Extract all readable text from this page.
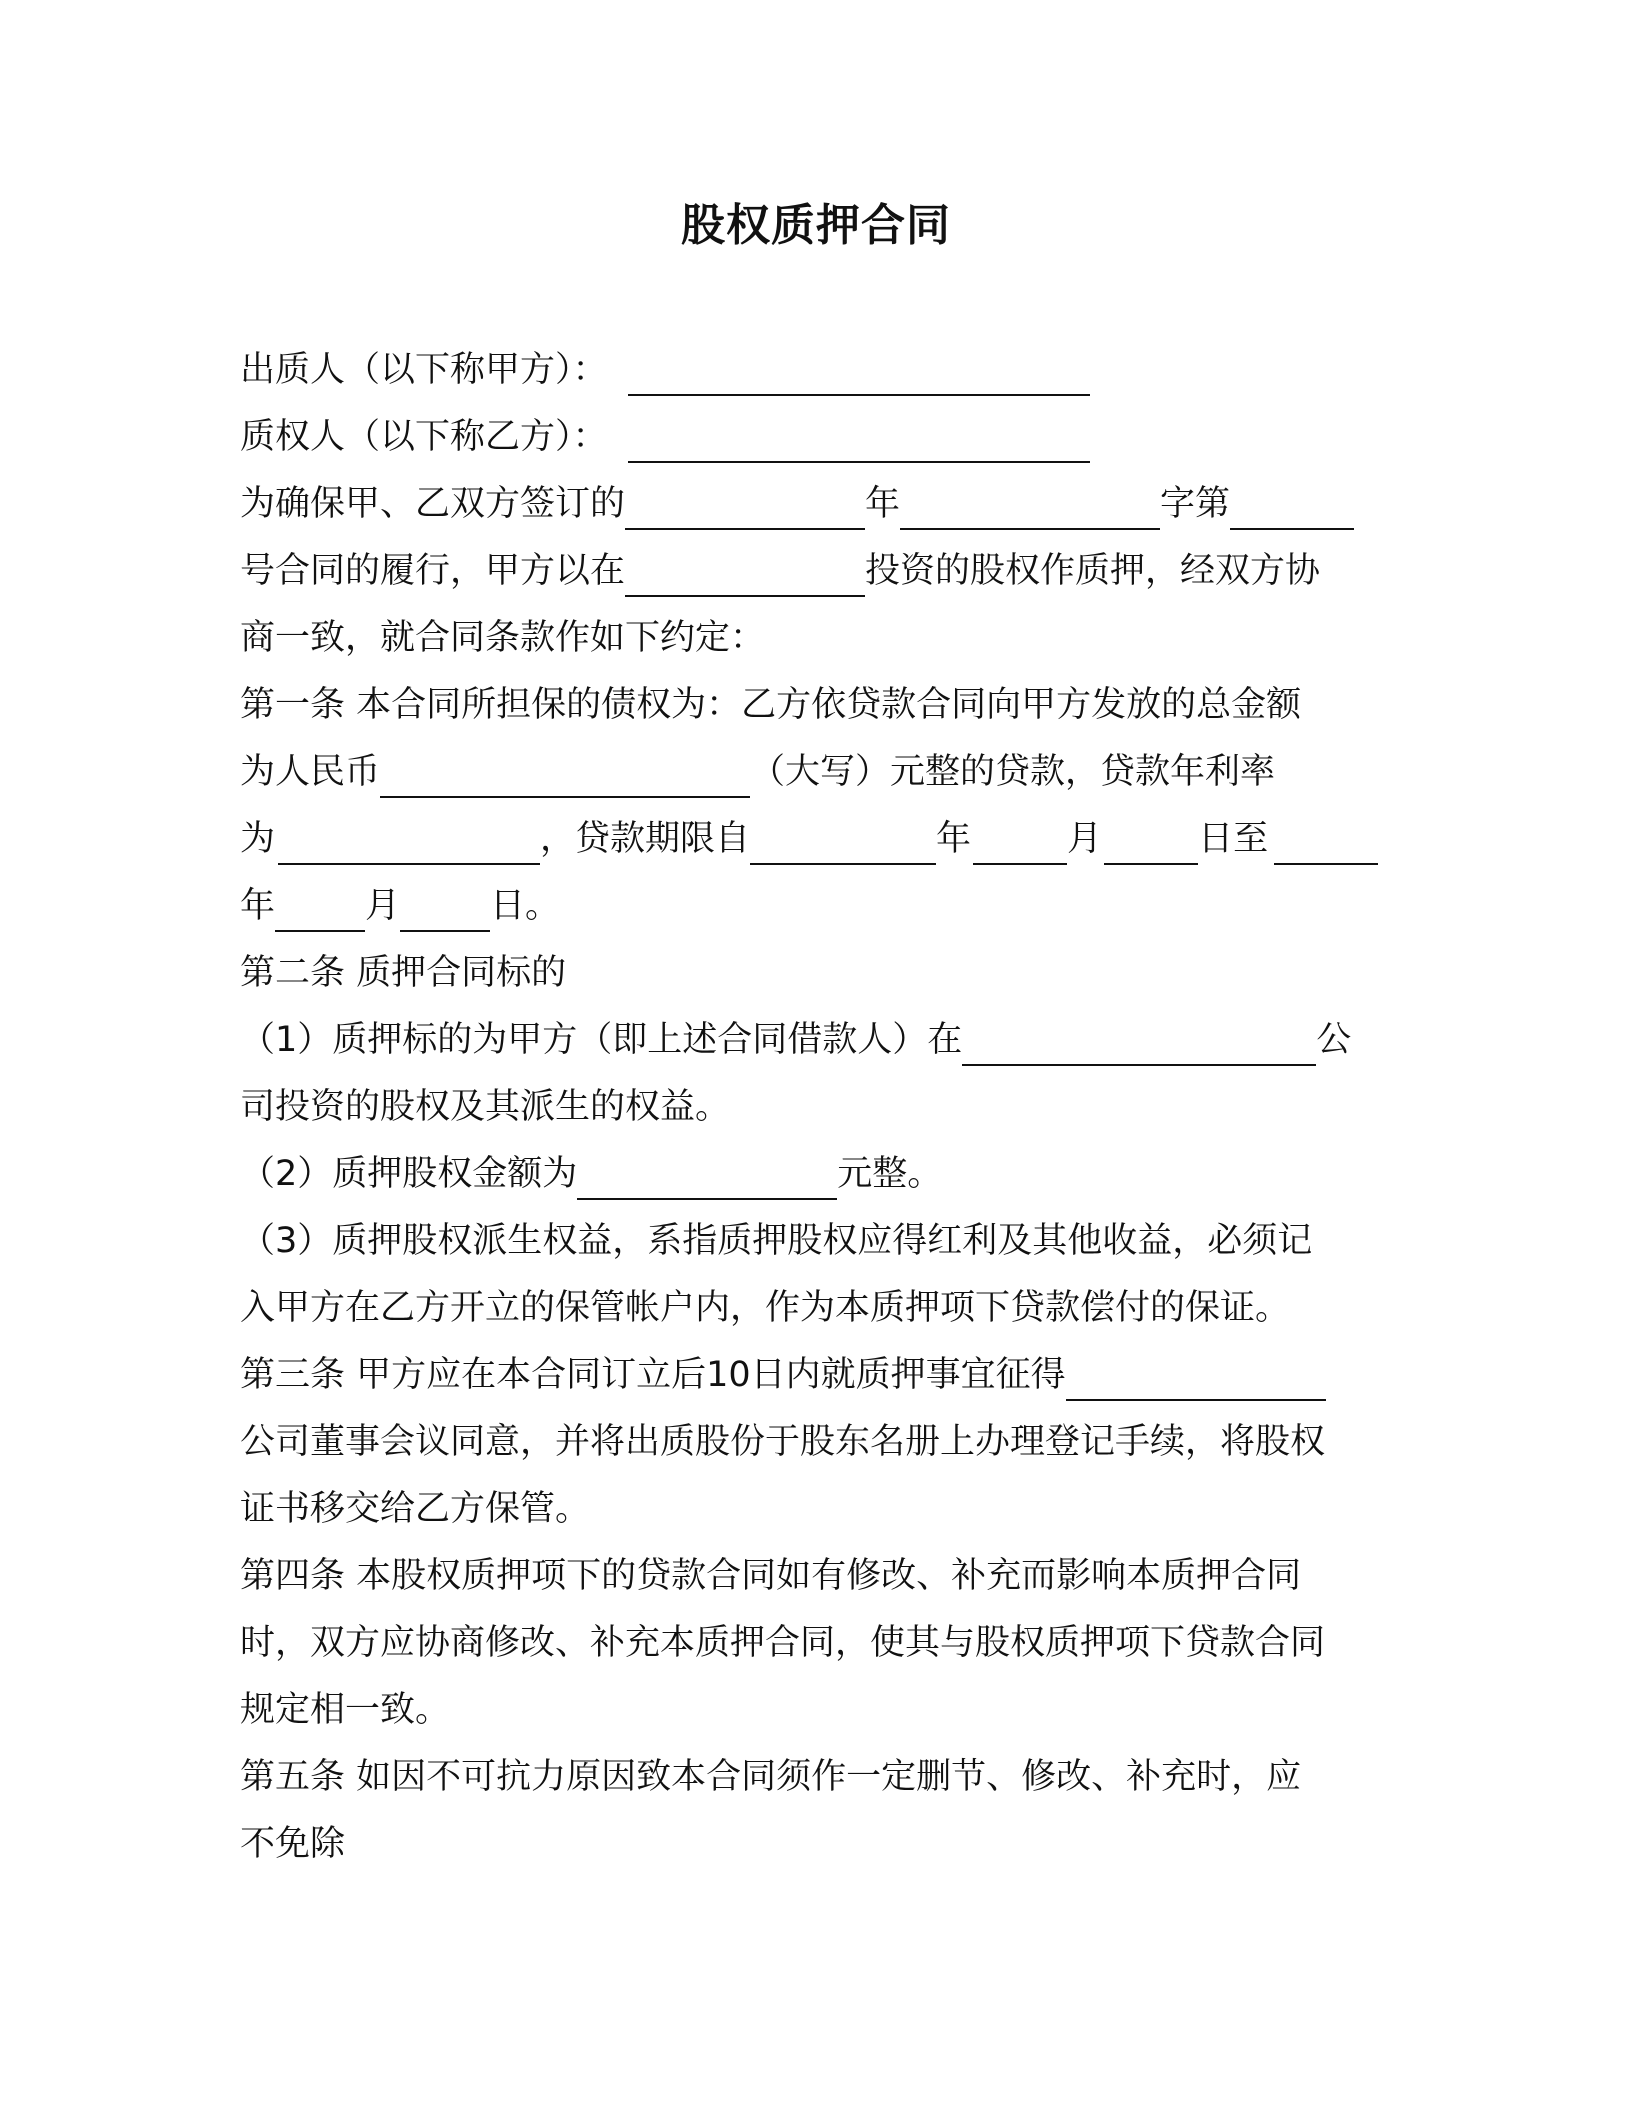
股权质押合同
出质人（以下称甲方）：
质权人（以下称乙方）：
为确保甲、乙双方签订的	年	字第
号合同的履行，甲方以在	投资的股权作质押，经双方协
商一致，就合同条款作如下约定：
第一条 本合同所担保的债权为：乙方依贷款合同向甲方发放的总金额
为人民币	（大写）元整的贷款，贷款年利率
为	，贷款期限自	年	月	日至
年	月	日。
第二条 质押合同标的
（1）质押标的为甲方（即上述合同借款人）在	公
司投资的股权及其派生的权益。
（2）质押股权金额为	元整。
（3）质押股权派生权益，系指质押股权应得红利及其他收益，必须记
入甲方在乙方开立的保管帐户内，作为本质押项下贷款偿付的保证。
第三条 甲方应在本合同订立后10日内就质押事宜征得
公司董事会议同意，并将出质股份于股东名册上办理登记手续，将股权
证书移交给乙方保管。
第四条 本股权质押项下的贷款合同如有修改、补充而影响本质押合同
时，双方应协商修改、补充本质押合同，使其与股权质押项下贷款合同
规定相一致。
第五条 如因不可抗力原因致本合同须作一定删节、修改、补充时，应
不免除
